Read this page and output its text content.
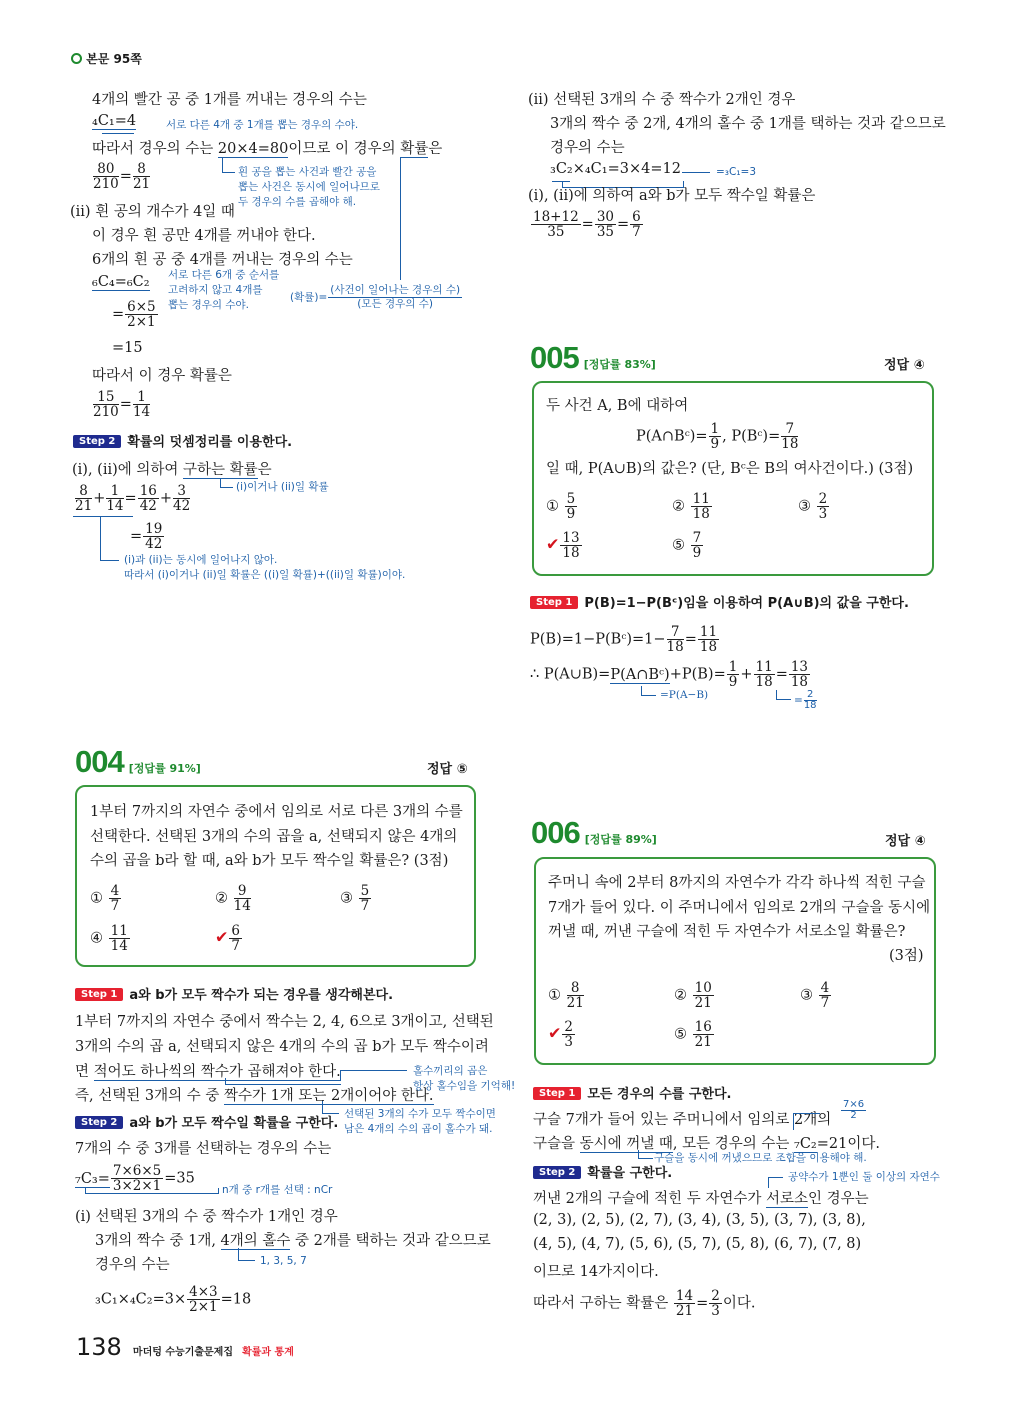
본문 95쪽
4개의 빨간 공 중 1개를 꺼내는 경우의 수는
₄C₁=4	서로 다른 4개 중 1개를 뽑는 경우의 수야.
따라서 경우의 수는 20×4=80이므로 이 경우의 확률은
$\frac{80}{210} = \frac{8}{21}$	흰 공을 뽑는 사건과 빨간 공을
뽑는 사건은 동시에 일어나므로
두 경우의 수를 곱해야 해.
(ii) 흰 공의 개수가 4일 때
이 경우 흰 공만 4개를 꺼내야 한다.
6개의 흰 공 중 4개를 꺼내는 경우의 수는
₆C₄=₆C₂ 서로 다른 6개 중 순서를
고려하지 않고 4개를
뽑는 경우의 수야.
= $\frac{6\times 5}{2\times 1}$
(확률)= $\frac{\text{(사건이 일어나는 경우의 수)}}{\text{(모든 경우의 수)}}$
=15
따라서 이 경우 확률은
$\frac{15}{210} = \frac{1}{14}$
Step 2 확률의 덧셈정리를 이용한다.
(i), (ii)에 의하여 구하는 확률은
(i)이거나 (ii)일 확률
$\frac{8}{21} + \frac{1}{14} = \frac{16}{42} + \frac{3}{42}$
= $\frac{19}{42}$
(i)과 (ii)는 동시에 일어나지 않아.
따라서 (i)이거나 (ii)일 확률은 ((i)일 확률)+((ii)일 확률)이야.
004 [정답률 91%]	정답 ⑤
1부터 7까지의 자연수 중에서 임의로 서로 다른 3개의 수를
선택한다. 선택된 3개의 수의 곱을 a, 선택되지 않은 4개의
수의 곱을 b라 할 때, a와 b가 모두 짝수일 확률은? (3점)
① $\frac{4}{7}$	② $\frac{9}{14}$	③ $\frac{5}{7}$
④ $\frac{11}{14}$	✔ $\frac{6}{7}$
Step 1 a와 b가 모두 짝수가 되는 경우를 생각해본다.
1부터 7까지의 자연수 중에서 짝수는 2, 4, 6으로 3개이고, 선택된
3개의 수의 곱 a, 선택되지 않은 4개의 수의 곱 b가 모두 짝수이려
면 적어도 하나씩의 짝수가 곱해져야 한다.
즉, 선택된 3개의 수 중 짝수가 1개 또는 2개이어야 한다.
홀수끼리의 곱은
항상 홀수임을 기억해!
선택된 3개의 수가 모두 짝수이면
남은 4개의 수의 곱이 홀수가 돼.
Step 2 a와 b가 모두 짝수일 확률을 구한다.
7개의 수 중 3개를 선택하는 경우의 수는
$_7C_3= \frac{7\times 6\times 5}{3\times 2\times 1} =35$
n개 중 r개를 선택 : nCr
(i) 선택된 3개의 수 중 짝수가 1개인 경우
3개의 짝수 중 1개, 4개의 홀수 중 2개를 택하는 것과 같으므로
1, 3, 5, 7
경우의 수는
$_3C_1\times_4C_2=3\times \frac{4\times 3}{2\times 1} =18$
138 마더텅 수능기출문제집 확률과 통계
(ii) 선택된 3개의 수 중 짝수가 2개인 경우
3개의 짝수 중 2개, 4개의 홀수 중 1개를 택하는 것과 같으므로
경우의 수는
₃C₂×₄C₁=3×4=12	=₃C₁=3
(i), (ii)에 의하여 a와 b가 모두 짝수일 확률은
$\frac{18+12}{35} = \frac{30}{35} = \frac{6}{7}$
005 [정답률 83%]	정답 ④
두 사건 A, B에 대하여
P(A∩Bᶜ)= $\frac{1}{9}$ , P(Bᶜ)= $\frac{7}{18}$
일 때, P(A∪B)의 값은? (단, Bᶜ은 B의 여사건이다.) (3점)
① $\frac{5}{9}$	② $\frac{11}{18}$	③ $\frac{2}{3}$
✔ $\frac{13}{18}$	⑤ $\frac{7}{9}$
Step 1 P(B)=1−P(Bᶜ)임을 이용하여 P(A∪B)의 값을 구한다.
P(B)=1−P(Bᶜ)=1− $\frac{7}{18} = \frac{11}{18}$
∴ P(A∪B)=P(A∩Bᶜ)+P(B)= $\frac{1}{9} + \frac{11}{18} = \frac{13}{18}$
=P(A−B)	= $\frac{2}{18}$
006 [정답률 89%]	정답 ④
주머니 속에 2부터 8까지의 자연수가 각각 하나씩 적힌 구슬
7개가 들어 있다. 이 주머니에서 임의로 2개의 구슬을 동시에
꺼낼 때, 꺼낸 구슬에 적힌 두 자연수가 서로소일 확률은?
(3점)
① $\frac{8}{21}$	② $\frac{10}{21}$	③ $\frac{4}{7}$
✔ $\frac{2}{3}$	⑤ $\frac{16}{21}$
Step 1 모든 경우의 수를 구한다.
구슬 7개가 들어 있는 주머니에서 임의로 2개의 $\frac{7\times 6}{2}$
구슬을 동시에 꺼낼 때, 모든 경우의 수는 ₇C₂=21이다.
구슬을 동시에 꺼냈으므로 조합을 이용해야 해.
Step 2 확률을 구한다.	공약수가 1뿐인 둘 이상의 자연수
꺼낸 2개의 구슬에 적힌 두 자연수가 서로소인 경우는
(2, 3), (2, 5), (2, 7), (3, 4), (3, 5), (3, 7), (3, 8),
(4, 5), (4, 7), (5, 6), (5, 7), (5, 8), (6, 7), (7, 8)
이므로 14가지이다.
따라서 구하는 확률은 $\frac{14}{21} = \frac{2}{3}$ 이다.
